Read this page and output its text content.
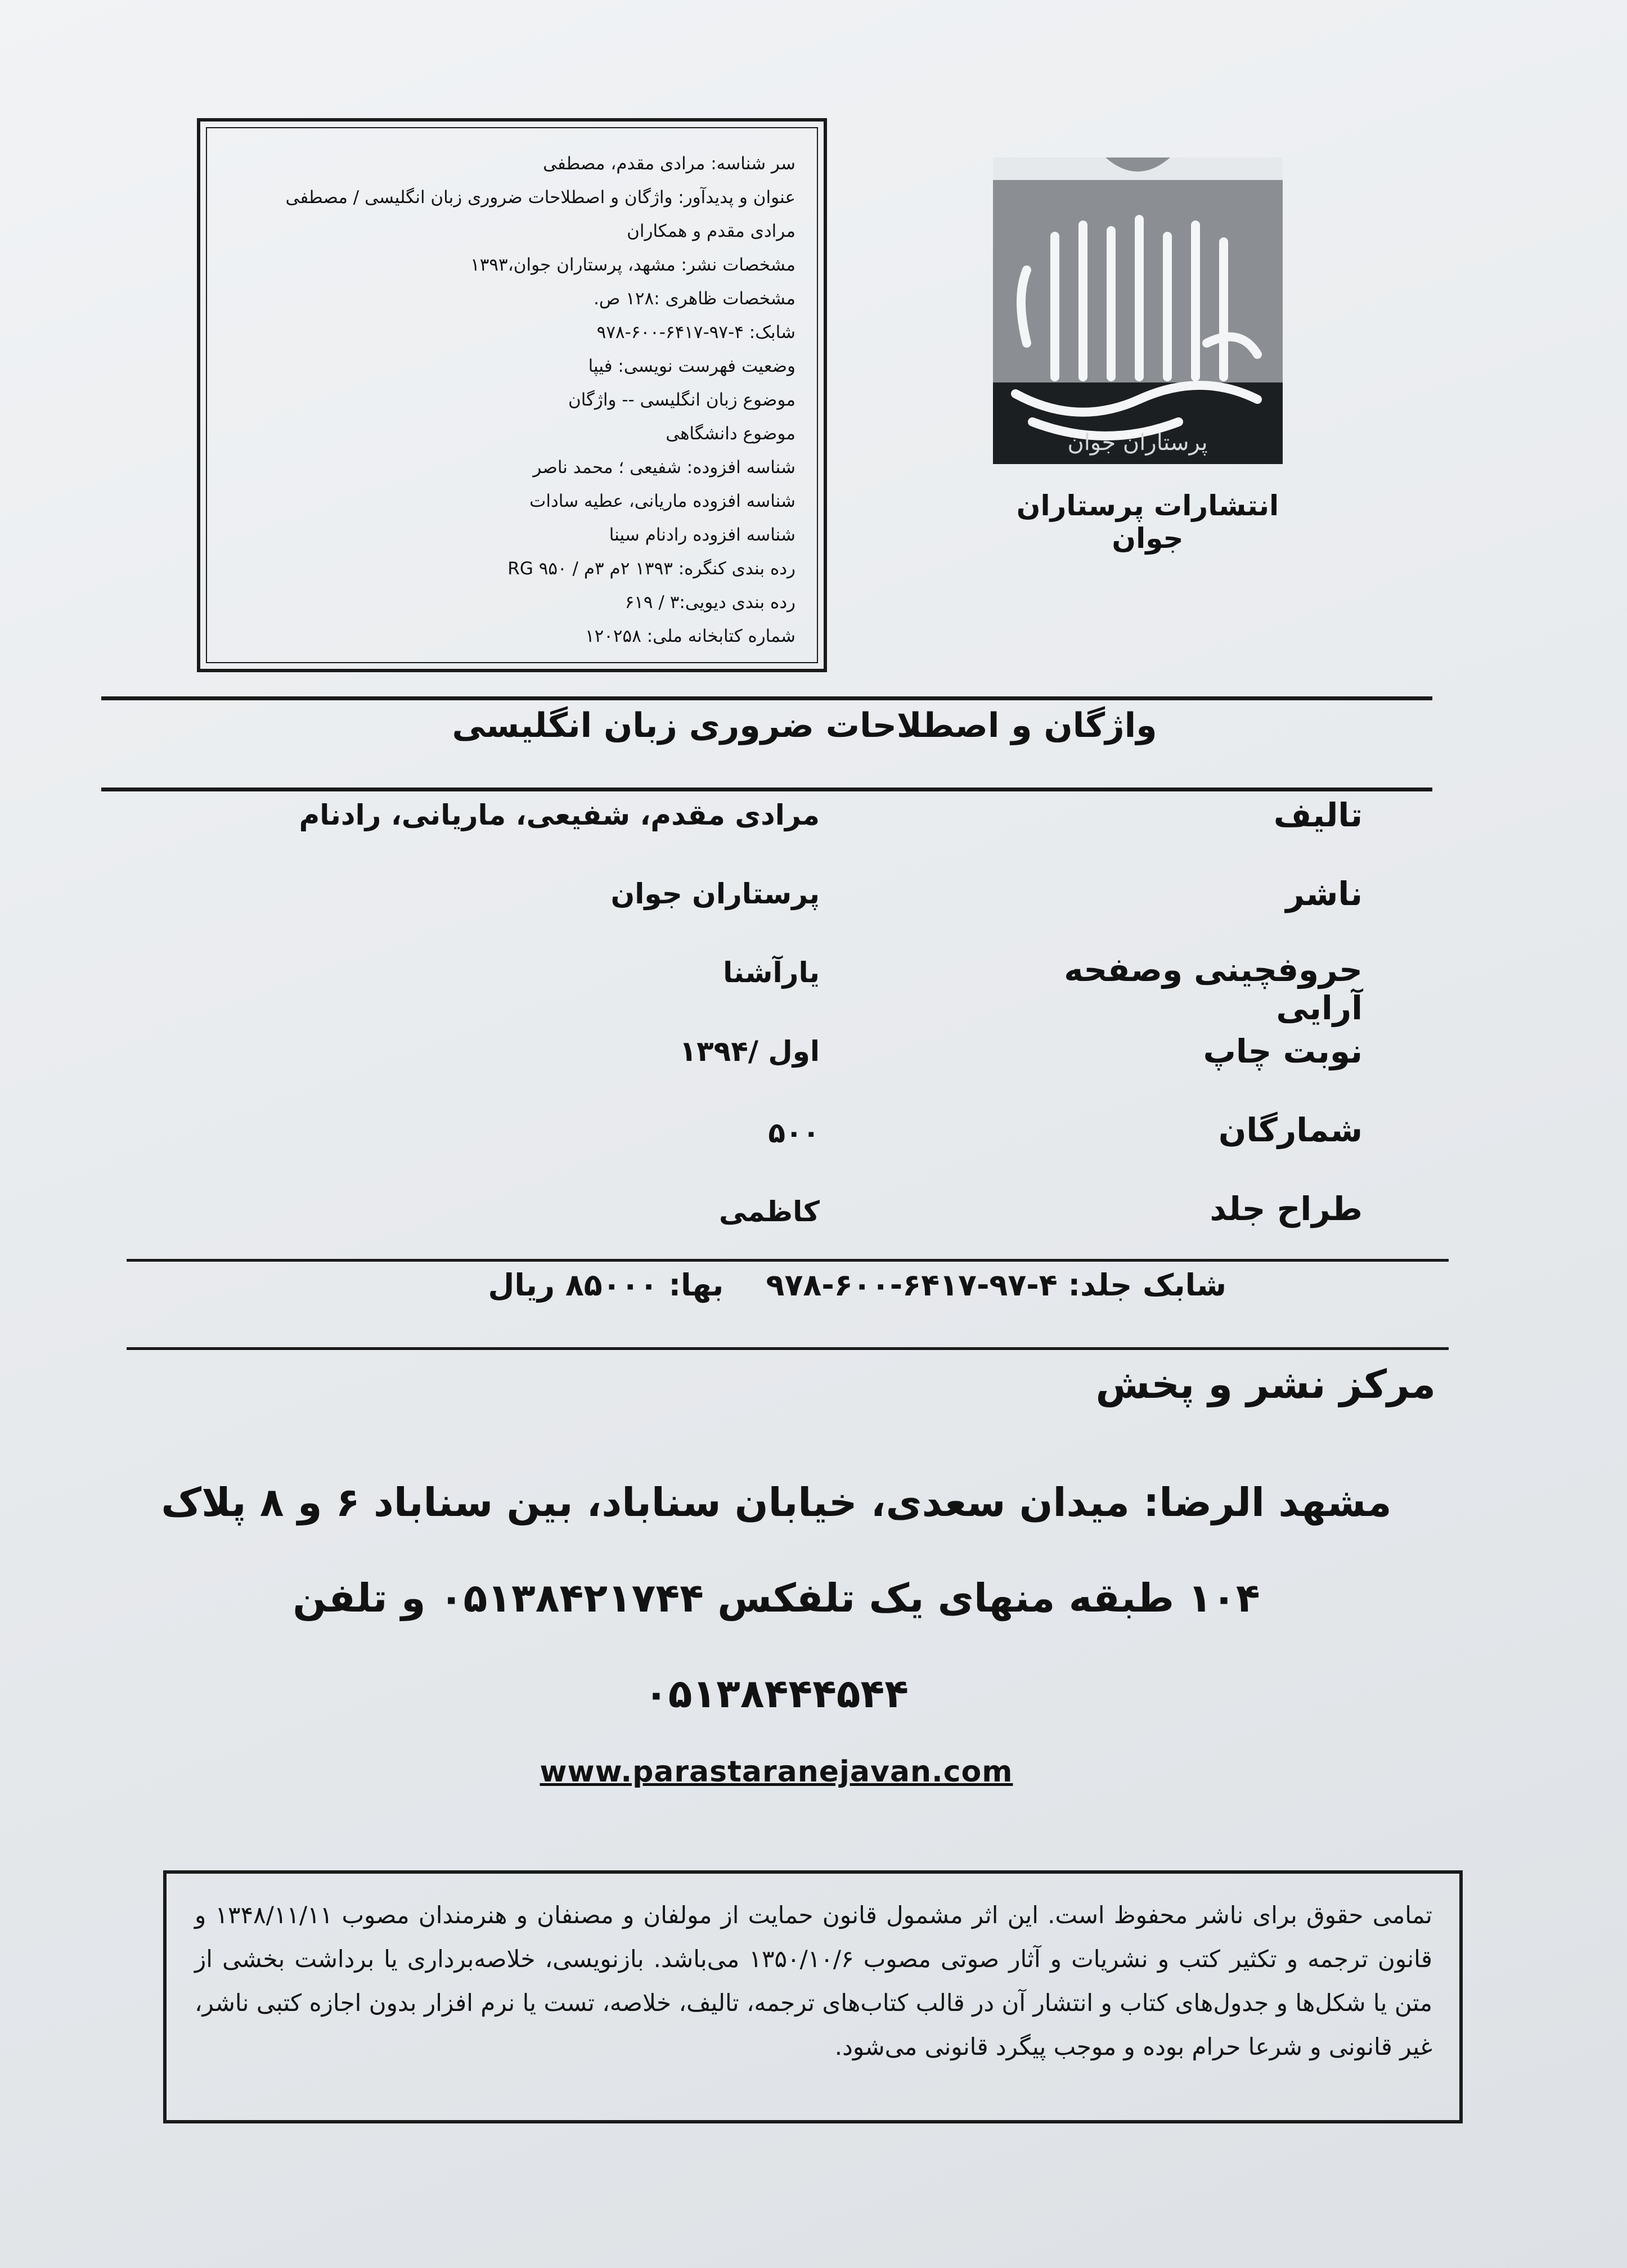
سر شناسه: مرادی مقدم، مصطفی
عنوان و پدیدآور: واژگان و اصطلاحات ضروری زبان انگلیسی / مصطفی
مرادی مقدم و همکاران
مشخصات نشر: مشهد، پرستاران جوان،۱۳۹۳
مشخصات ظاهری :۱۲۸ ص.
شابک: ۴-۹۷-۶۴۱۷-۶۰۰-۹۷۸
وضعیت فهرست نویسی: فیپا
موضوع زبان انگلیسی -- واژگان
موضوع دانشگاهی
شناسه افزوده: شفیعی ؛ محمد ناصر
شناسه افزوده ماریانی، عطیه سادات
شناسه افزوده رادنام سینا
رده بندی کنگره: ۱۳۹۳ ۲م ۳م / RG ۹۵۰
رده بندی دیویی:۳ / ۶۱۹
شماره کتابخانه ملی: ۱۲۰۲۵۸
پرستاران جوان
انتشارات پرستاران جوان
واژگان و اصطلاحات ضروری زبان انگلیسی
تالیف
مرادی مقدم، شفیعی، ماریانی، رادنام
ناشر
پرستاران جوان
حروفچینی وصفحه آرایی
یارآشنا
نوبت چاپ
اول /۱۳۹۴
شمارگان
۵۰۰
طراح جلد
کاظمی
شابک جلد: ۴-۹۷-۶۴۱۷-۶۰۰-۹۷۸    بها: ۸۵۰۰۰ ریال
مرکز نشر و پخش
مشهد الرضا: میدان سعدی، خیابان سناباد، بین سناباد ۶ و ۸ پلاک
۱۰۴ طبقه منهای یک تلفکس ۰۵۱۳۸۴۲۱۷۴۴ و تلفن
۰۵۱۳۸۴۴۴۵۴۴
www.parastaranejavan.com

تمامی حقوق برای ناشر محفوظ است. این اثر مشمول قانون حمایت از مولفان و مصنفان و هنرمندان مصوب ۱۳۴۸/۱۱/۱۱ و قانون ترجمه و تکثیر کتب و نشریات و آثار صوتی مصوب ۱۳۵۰/۱۰/۶ می‌باشد. بازنویسی، خلاصه‌برداری یا برداشت بخشی از متن یا شکل‌ها و جدول‌های کتاب و انتشار آن در قالب کتاب‌های ترجمه، تالیف، خلاصه، تست یا نرم افزار بدون اجازه کتبی ناشر، غیر قانونی و شرعا حرام بوده و موجب پیگرد قانونی می‌شود.
